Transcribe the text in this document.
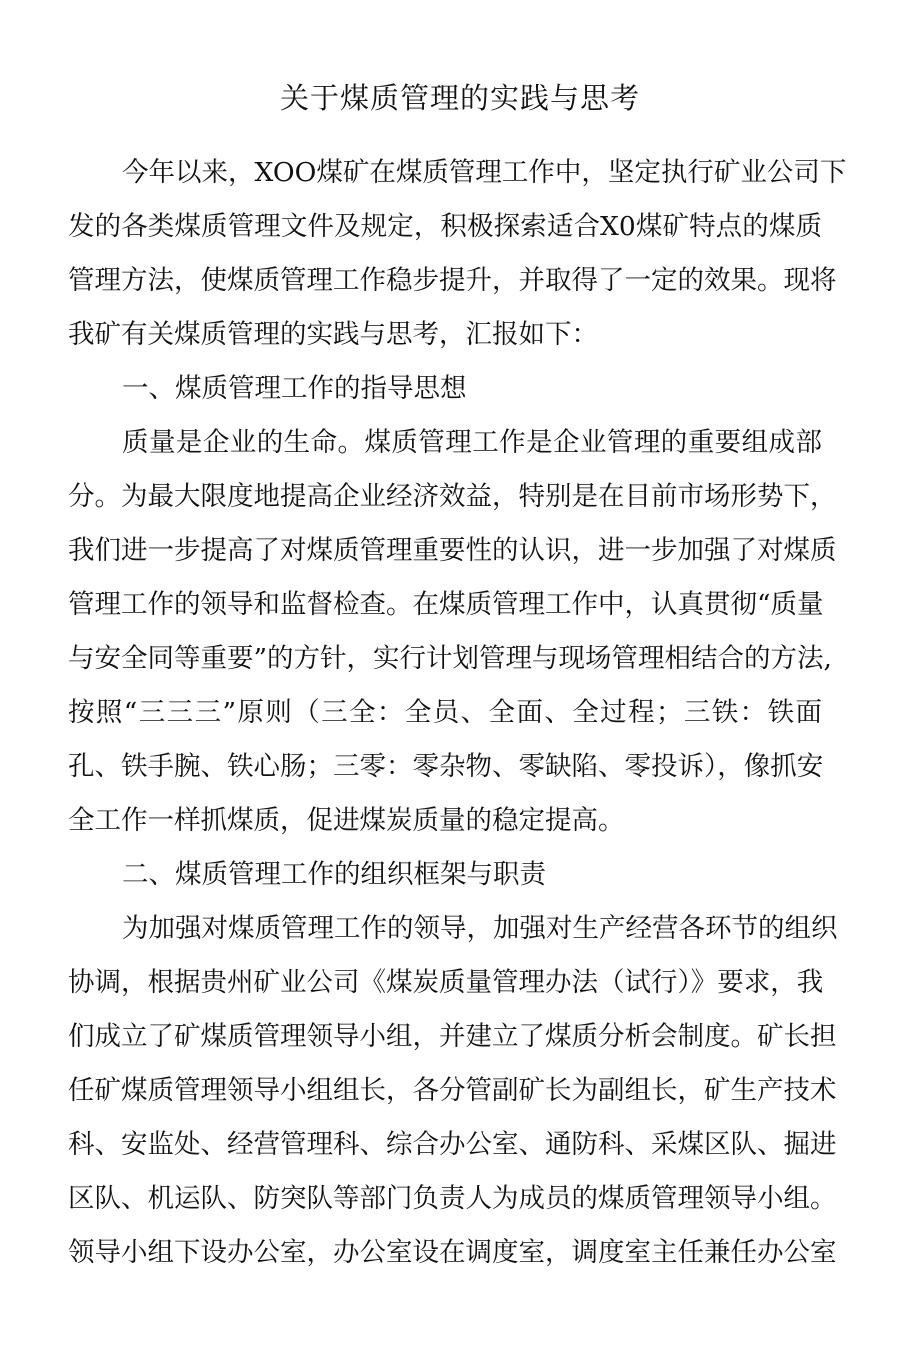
关于煤质管理的实践与思考

今年以来，XOO煤矿在煤质管理工作中，坚定执行矿业公司下

发的各类煤质管理文件及规定，积极探索适合X0煤矿特点的煤质

管理方法，使煤质管理工作稳步提升，并取得了一定的效果。现将

我矿有关煤质管理的实践与思考，汇报如下：

一、煤质管理工作的指导思想

质量是企业的生命。煤质管理工作是企业管理的重要组成部

分。为最大限度地提高企业经济效益，特别是在目前市场形势下，

我们进一步提高了对煤质管理重要性的认识，进一步加强了对煤质

管理工作的领导和监督检查。在煤质管理工作中，认真贯彻“质量

与安全同等重要”的方针，实行计划管理与现场管理相结合的方法,

按照“三三三”原则（三全：全员、全面、全过程；三铁：铁面

孔、铁手腕、铁心肠；三零：零杂物、零缺陷、零投诉），像抓安

全工作一样抓煤质，促进煤炭质量的稳定提高。

二、煤质管理工作的组织框架与职责

为加强对煤质管理工作的领导，加强对生产经营各环节的组织

协调，根据贵州矿业公司《煤炭质量管理办法（试行）》要求，我

们成立了矿煤质管理领导小组，并建立了煤质分析会制度。矿长担

任矿煤质管理领导小组组长，各分管副矿长为副组长，矿生产技术

科、安监处、经营管理科、综合办公室、通防科、采煤区队、掘进

区队、机运队、防突队等部门负责人为成员的煤质管理领导小组。

领导小组下设办公室，办公室设在调度室，调度室主任兼任办公室
